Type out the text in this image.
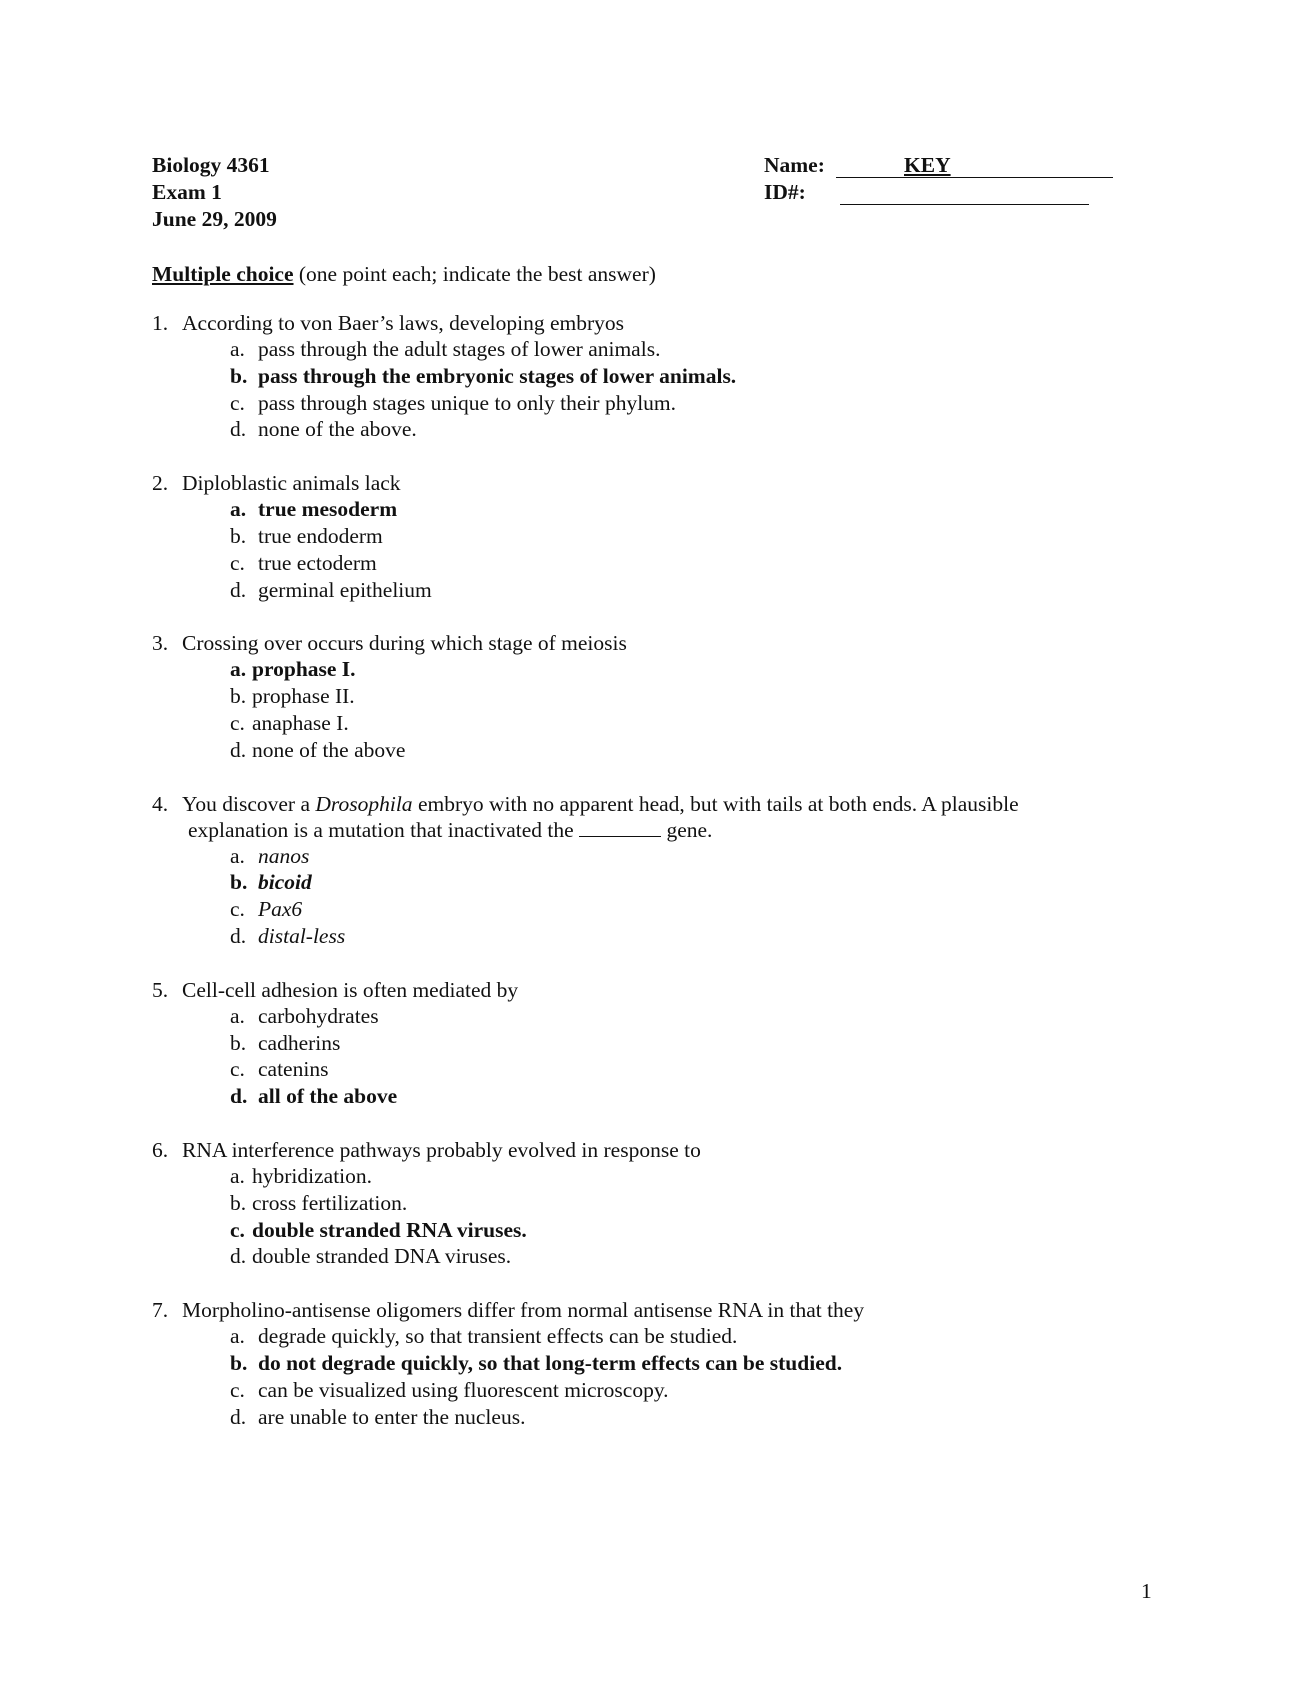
Biology 4361
Exam 1
June 29, 2009
Name:	KEY
ID#:
Multiple choice (one point each; indicate the best answer)
1. According to von Baer’s laws, developing embryos
a. pass through the adult stages of lower animals.
b. pass through the embryonic stages of lower animals.
c. pass through stages unique to only their phylum.
d. none of the above.
2. Diploblastic animals lack
a. true mesoderm
b. true endoderm
c. true ectoderm
d. germinal epithelium
3. Crossing over occurs during which stage of meiosis
a. prophase I.
b. prophase II.
c. anaphase I.
d. none of the above
4. You discover a Drosophila embryo with no apparent head, but with tails at both ends. A plausible
explanation is a mutation that inactivated the	gene.
a. nanos
b. bicoid
c. Pax6
d. distal-less
5. Cell-cell adhesion is often mediated by
a. carbohydrates
b. cadherins
c. catenins
d. all of the above
6. RNA interference pathways probably evolved in response to
a. hybridization.
b. cross fertilization.
c. double stranded RNA viruses.
d. double stranded DNA viruses.
7. Morpholino-antisense oligomers differ from normal antisense RNA in that they
a. degrade quickly, so that transient effects can be studied.
b. do not degrade quickly, so that long-term effects can be studied.
c. can be visualized using fluorescent microscopy.
d. are unable to enter the nucleus.
1
